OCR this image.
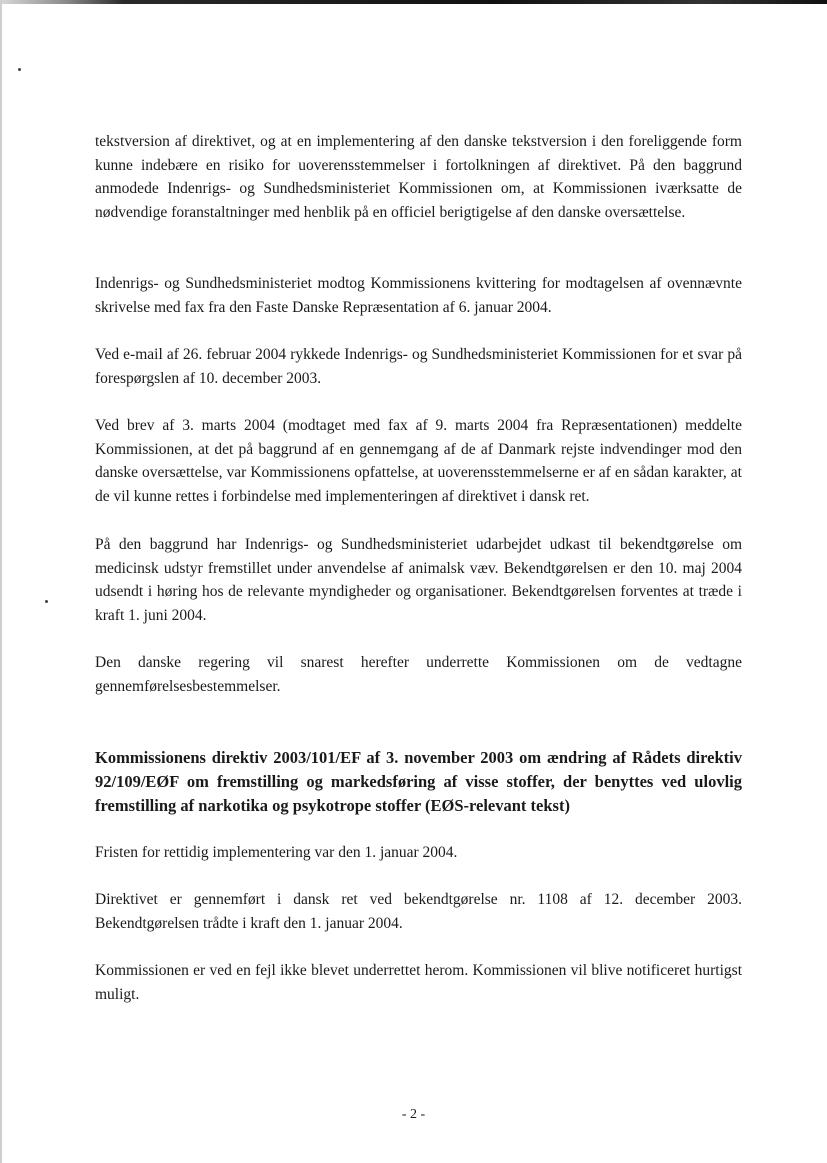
tekstversion af direktivet, og at en implementering af den danske tekstversion i den foreliggende form kunne indebære en risiko for uoverensstemmelser i fortolkningen af direktivet. På den baggrund anmodede Indenrigs- og Sundhedsministeriet Kommissionen om, at Kommissionen iværksatte de nødvendige foranstaltninger med henblik på en officiel berigtigelse af den danske oversættelse.

Indenrigs- og Sundhedsministeriet modtog Kommissionens kvittering for modtagelsen af ovennævnte skrivelse med fax fra den Faste Danske Repræsentation af 6. januar 2004.

Ved e-mail af 26. februar 2004 rykkede Indenrigs- og Sundhedsministeriet Kommissionen for et svar på forespørgslen af 10. december 2003.

Ved brev af 3. marts 2004 (modtaget med fax af 9. marts 2004 fra Repræsentationen) meddelte Kommissionen, at det på baggrund af en gennemgang af de af Danmark rejste indvendinger mod den danske oversættelse, var Kommissionens opfattelse, at uoverensstemmelserne er af en sådan karakter, at de vil kunne rettes i forbindelse med implementeringen af direktivet i dansk ret.

På den baggrund har Indenrigs- og Sundhedsministeriet udarbejdet udkast til bekendtgørelse om medicinsk udstyr fremstillet under anvendelse af animalsk væv. Bekendtgørelsen er den 10. maj 2004 udsendt i høring hos de relevante myndigheder og organisationer. Bekendtgørelsen forventes at træde i kraft 1. juni 2004.

Den danske regering vil snarest herefter underrette Kommissionen om de vedtagne gennemførelsesbestemmelser.

Kommissionens direktiv 2003/101/EF af 3. november 2003 om ændring af Rådets direktiv 92/109/EØF om fremstilling og markedsføring af visse stoffer, der benyttes ved ulovlig fremstilling af narkotika og psykotrope stoffer (EØS-relevant tekst)

Fristen for rettidig implementering var den 1. januar 2004.

Direktivet er gennemført i dansk ret ved bekendtgørelse nr. 1108 af 12. december 2003. Bekendtgørelsen trådte i kraft den 1. januar 2004.

Kommissionen er ved en fejl ikke blevet underrettet herom. Kommissionen vil blive notificeret hurtigst muligt.

- 2 -
